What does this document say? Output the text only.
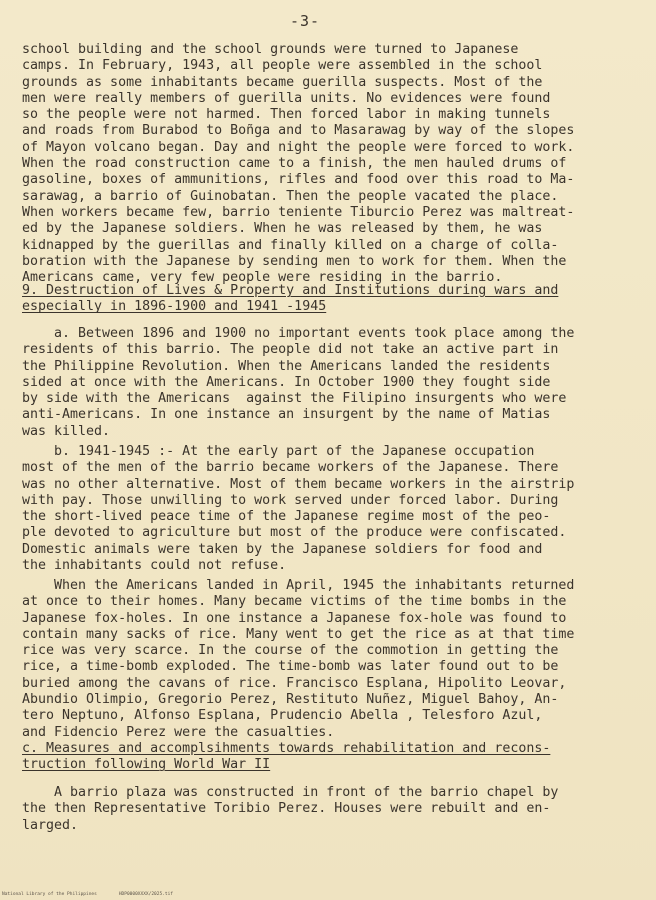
-3-
school building and the school grounds were turned to Japanese
camps. In February, 1943, all people were assembled in the school
grounds as some inhabitants became guerilla suspects. Most of the
men were really members of guerilla units. No evidences were found
so the people were not harmed. Then forced labor in making tunnels
and roads from Burabod to Boñga and to Masarawag by way of the slopes
of Mayon volcano began. Day and night the people were forced to work.
When the road construction came to a finish, the men hauled drums of
gasoline, boxes of ammunitions, rifles and food over this road to Ma-
sarawag, a barrio of Guinobatan. Then the people vacated the place.
When workers became few, barrio teniente Tiburcio Perez was maltreat-
ed by the Japanese soldiers. When he was released by them, he was
kidnapped by the guerillas and finally killed on a charge of colla-
boration with the Japanese by sending men to work for them. When the
Americans came, very few people were residing in the barrio.
9. Destruction of Lives & Property and Institutions during wars and
especially in 1896-1900 and 1941 -1945
a. Between 1896 and 1900 no important events took place among the
residents of this barrio. The people did not take an active part in
the Philippine Revolution. When the Americans landed the residents
sided at once with the Americans. In October 1900 they fought side
by side with the Americans  against the Filipino insurgents who were
anti-Americans. In one instance an insurgent by the name of Matias
was killed.
b. 1941-1945 :- At the early part of the Japanese occupation
most of the men of the barrio became workers of the Japanese. There
was no other alternative. Most of them became workers in the airstrip
with pay. Those unwilling to work served under forced labor. During
the short-lived peace time of the Japanese regime most of the peo-
ple devoted to agriculture but most of the produce were confiscated.
Domestic animals were taken by the Japanese soldiers for food and
the inhabitants could not refuse.
When the Americans landed in April, 1945 the inhabitants returned
at once to their homes. Many became victims of the time bombs in the
Japanese fox-holes. In one instance a Japanese fox-hole was found to
contain many sacks of rice. Many went to get the rice as at that time
rice was very scarce. In the course of the commotion in getting the
rice, a time-bomb exploded. The time-bomb was later found out to be
buried among the cavans of rice. Francisco Esplana, Hipolito Leovar,
Abundio Olimpio, Gregorio Perez, Restituto Nuñez, Miguel Bahoy, An-
tero Neptuno, Alfonso Esplana, Prudencio Abella , Telesforo Azul,
and Fidencio Perez were the casualties.
c. Measures and accomplsihments towards rehabilitation and recons-
truction following World War II
A barrio plaza was constructed in front of the barrio chapel by
the then Representative Toribio Perez. Houses were rebuilt and en-
larged.
National Library of the Philippines	HDP0000XXXX/2025.tif
